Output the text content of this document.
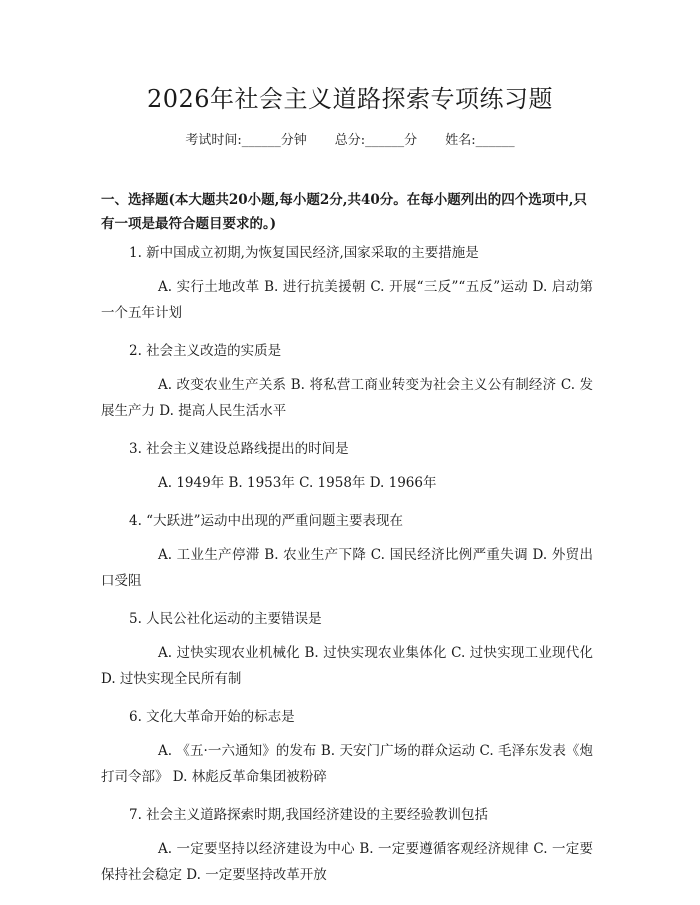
2026年社会主义道路探索专项练习题
考试时间:______分钟 总分:______分 姓名:______
一、选择题(本大题共20小题,每小题2分,共40分。在每小题列出的四个选项中,只有一项是最符合题目要求的。)
1. 新中国成立初期,为恢复国民经济,国家采取的主要措施是
A. 实行土地改革 B. 进行抗美援朝 C. 开展“三反”“五反”运动 D. 启动第一个五年计划
2. 社会主义改造的实质是
A. 改变农业生产关系 B. 将私营工商业转变为社会主义公有制经济 C. 发展生产力 D. 提高人民生活水平
3. 社会主义建设总路线提出的时间是
A. 1949年 B. 1953年 C. 1958年 D. 1966年
4. “大跃进”运动中出现的严重问题主要表现在
A. 工业生产停滞 B. 农业生产下降 C. 国民经济比例严重失调 D. 外贸出口受阻
5. 人民公社化运动的主要错误是
A. 过快实现农业机械化 B. 过快实现农业集体化 C. 过快实现工业现代化 D. 过快实现全民所有制
6. 文化大革命开始的标志是
A. 《五·一六通知》的发布 B. 天安门广场的群众运动 C. 毛泽东发表《炮打司令部》 D. 林彪反革命集团被粉碎
7. 社会主义道路探索时期,我国经济建设的主要经验教训包括
A. 一定要坚持以经济建设为中心 B. 一定要遵循客观经济规律 C. 一定要保持社会稳定 D. 一定要坚持改革开放
